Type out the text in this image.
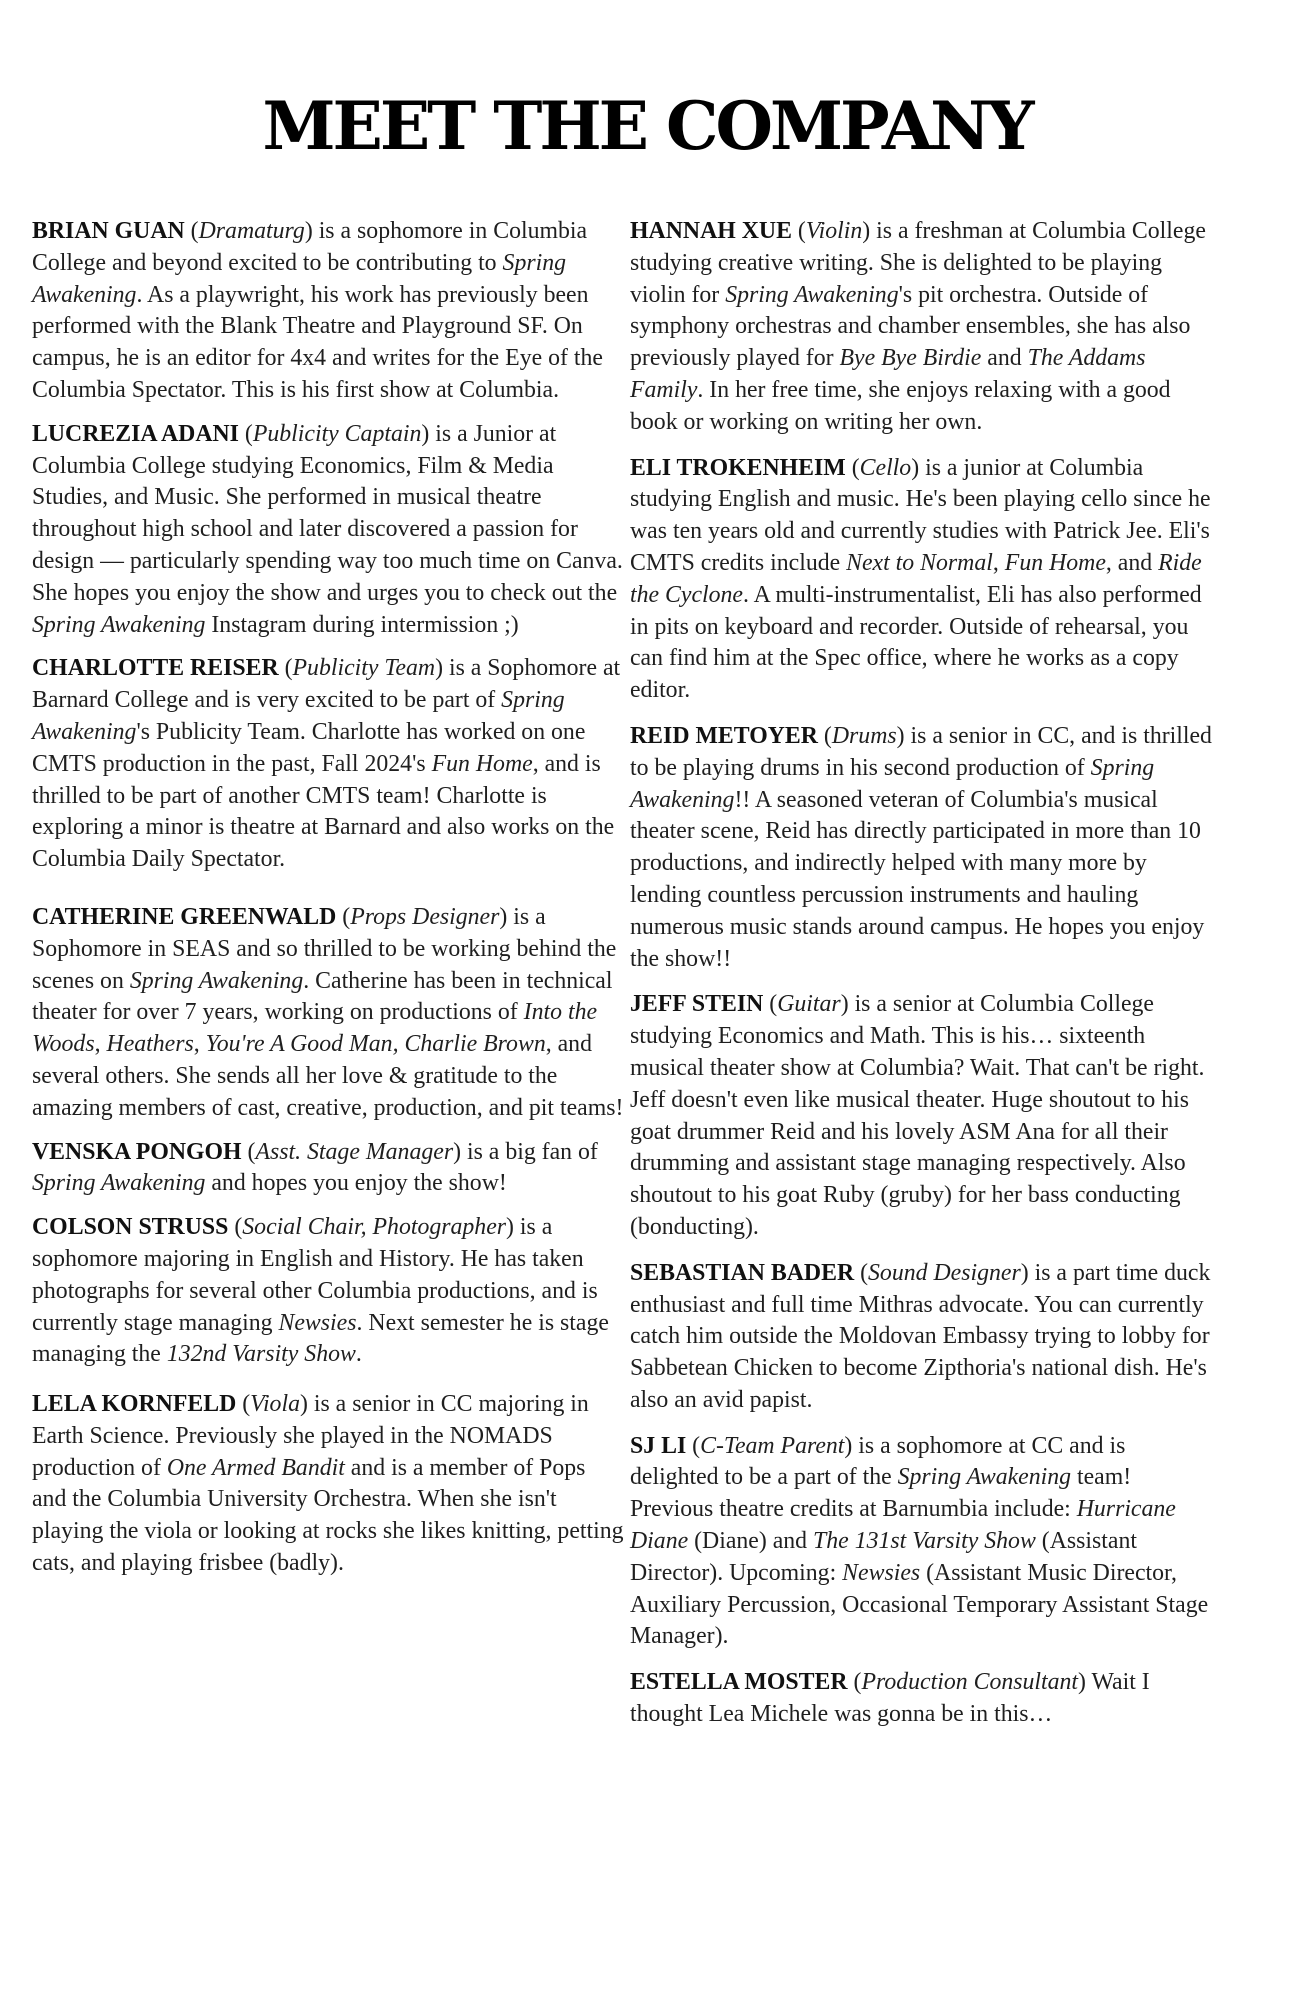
MEET THE COMPANY

BRIAN GUAN (Dramaturg) is a sophomore in Columbia College and beyond excited to be contributing to Spring Awakening. As a playwright, his work has previously been performed with the Blank Theatre and Playground SF. On campus, he is an editor for 4x4 and writes for the Eye of the Columbia Spectator. This is his first show at Columbia.

LUCREZIA ADANI (Publicity Captain) is a Junior at Columbia College studying Economics, Film & Media Studies, and Music. She performed in musical theatre throughout high school and later discovered a passion for design — particularly spending way too much time on Canva. She hopes you enjoy the show and urges you to check out the Spring Awakening Instagram during intermission ;)

CHARLOTTE REISER (Publicity Team) is a Sophomore at Barnard College and is very excited to be part of Spring Awakening's Publicity Team. Charlotte has worked on one CMTS production in the past, Fall 2024's Fun Home, and is thrilled to be part of another CMTS team! Charlotte is exploring a minor is theatre at Barnard and also works on the Columbia Daily Spectator.

CATHERINE GREENWALD (Props Designer) is a Sophomore in SEAS and so thrilled to be working behind the scenes on Spring Awakening. Catherine has been in technical theater for over 7 years, working on productions of Into the Woods, Heathers, You're A Good Man, Charlie Brown, and several others. She sends all her love & gratitude to the amazing members of cast, creative, production, and pit teams!

VENSKA PONGOH (Asst. Stage Manager) is a big fan of Spring Awakening and hopes you enjoy the show!

COLSON STRUSS (Social Chair, Photographer) is a sophomore majoring in English and History. He has taken photographs for several other Columbia productions, and is currently stage managing Newsies. Next semester he is stage managing the 132nd Varsity Show.

LELA KORNFELD (Viola) is a senior in CC majoring in Earth Science. Previously she played in the NOMADS production of One Armed Bandit and is a member of Pops and the Columbia University Orchestra. When she isn't playing the viola or looking at rocks she likes knitting, petting cats, and playing frisbee (badly).

HANNAH XUE (Violin) is a freshman at Columbia College studying creative writing. She is delighted to be playing violin for Spring Awakening's pit orchestra. Outside of symphony orchestras and chamber ensembles, she has also previously played for Bye Bye Birdie and The Addams Family. In her free time, she enjoys relaxing with a good book or working on writing her own.

ELI TROKENHEIM (Cello) is a junior at Columbia studying English and music. He's been playing cello since he was ten years old and currently studies with Patrick Jee. Eli's CMTS credits include Next to Normal, Fun Home, and Ride the Cyclone. A multi-instrumentalist, Eli has also performed in pits on keyboard and recorder. Outside of rehearsal, you can find him at the Spec office, where he works as a copy editor.

REID METOYER (Drums) is a senior in CC, and is thrilled to be playing drums in his second production of Spring Awakening!! A seasoned veteran of Columbia's musical theater scene, Reid has directly participated in more than 10 productions, and indirectly helped with many more by lending countless percussion instruments and hauling numerous music stands around campus. He hopes you enjoy the show!!

JEFF STEIN (Guitar) is a senior at Columbia College studying Economics and Math. This is his… sixteenth musical theater show at Columbia? Wait. That can't be right. Jeff doesn't even like musical theater. Huge shoutout to his goat drummer Reid and his lovely ASM Ana for all their drumming and assistant stage managing respectively. Also shoutout to his goat Ruby (gruby) for her bass conducting (bonducting).

SEBASTIAN BADER (Sound Designer) is a part time duck enthusiast and full time Mithras advocate. You can currently catch him outside the Moldovan Embassy trying to lobby for Sabbetean Chicken to become Zipthoria's national dish. He's also an avid papist.

SJ LI (C-Team Parent) is a sophomore at CC and is delighted to be a part of the Spring Awakening team! Previous theatre credits at Barnumbia include: Hurricane Diane (Diane) and The 131st Varsity Show (Assistant Director). Upcoming: Newsies (Assistant Music Director, Auxiliary Percussion, Occasional Temporary Assistant Stage Manager).

ESTELLA MOSTER (Production Consultant) Wait I thought Lea Michele was gonna be in this…
